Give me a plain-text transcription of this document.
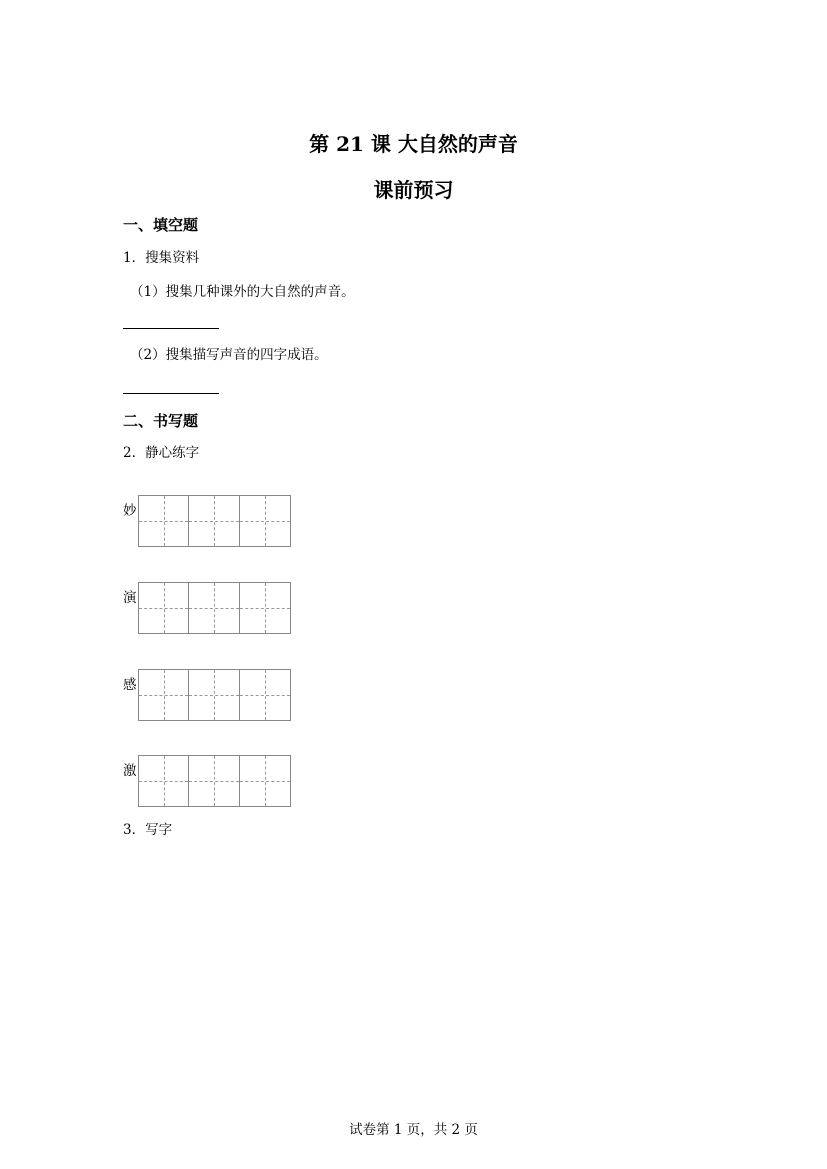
第 21 课 大自然的声音
课前预习
一、填空题
1．搜集资料
（1）搜集几种课外的大自然的声音。
（2）搜集描写声音的四字成语。
二、书写题
2．静心练字
妙
演
感
激
3．写字
试卷第 1 页，共 2 页
